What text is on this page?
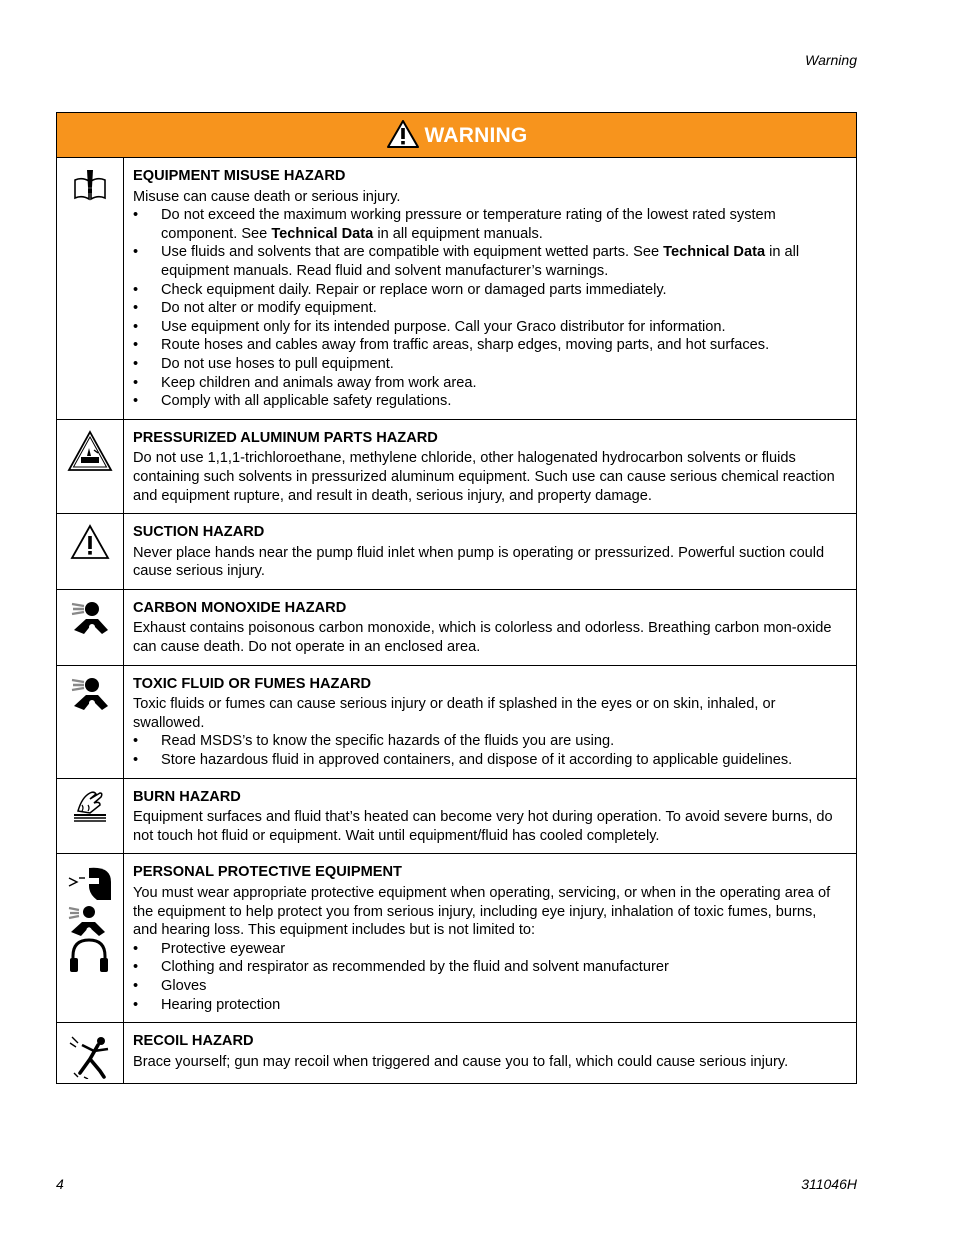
Warning
WARNING
EQUIPMENT MISUSE HAZARD

Misuse can cause death or serious injury.

• Do not exceed the maximum working pressure or temperature rating of the lowest rated system component. See Technical Data in all equipment manuals.
• Use fluids and solvents that are compatible with equipment wetted parts. See Technical Data in all equipment manuals. Read fluid and solvent manufacturer’s warnings.
• Check equipment daily. Repair or replace worn or damaged parts immediately.
• Do not alter or modify equipment.
• Use equipment only for its intended purpose. Call your Graco distributor for information.
• Route hoses and cables away from traffic areas, sharp edges, moving parts, and hot surfaces.
• Do not use hoses to pull equipment.
• Keep children and animals away from work area.
• Comply with all applicable safety regulations.
PRESSURIZED ALUMINUM PARTS HAZARD

Do not use 1,1,1-trichloroethane, methylene chloride, other halogenated hydrocarbon solvents or fluids containing such solvents in pressurized aluminum equipment. Such use can cause serious chemical reaction and equipment rupture, and result in death, serious injury, and property damage.

SUCTION HAZARD

Never place hands near the pump fluid inlet when pump is operating or pressurized. Powerful suction could cause serious injury.

CARBON MONOXIDE HAZARD

Exhaust contains poisonous carbon monoxide, which is colorless and odorless. Breathing carbon mon-oxide can cause death. Do not operate in an enclosed area.

TOXIC FLUID OR FUMES HAZARD

Toxic fluids or fumes can cause serious injury or death if splashed in the eyes or on skin, inhaled, or swallowed.

• Read MSDS’s to know the specific hazards of the fluids you are using.
• Store hazardous fluid in approved containers, and dispose of it according to applicable guidelines.
BURN HAZARD

Equipment surfaces and fluid that’s heated can become very hot during operation. To avoid severe burns, do not touch hot fluid or equipment. Wait until equipment/fluid has cooled completely.

PERSONAL PROTECTIVE EQUIPMENT

You must wear appropriate protective equipment when operating, servicing, or when in the operating area of the equipment to help protect you from serious injury, including eye injury, inhalation of toxic fumes, burns, and hearing loss. This equipment includes but is not limited to:

• Protective eyewear
• Clothing and respirator as recommended by the fluid and solvent manufacturer
• Gloves
• Hearing protection
RECOIL HAZARD

Brace yourself; gun may recoil when triggered and cause you to fall, which could cause serious injury.

4	311046H
